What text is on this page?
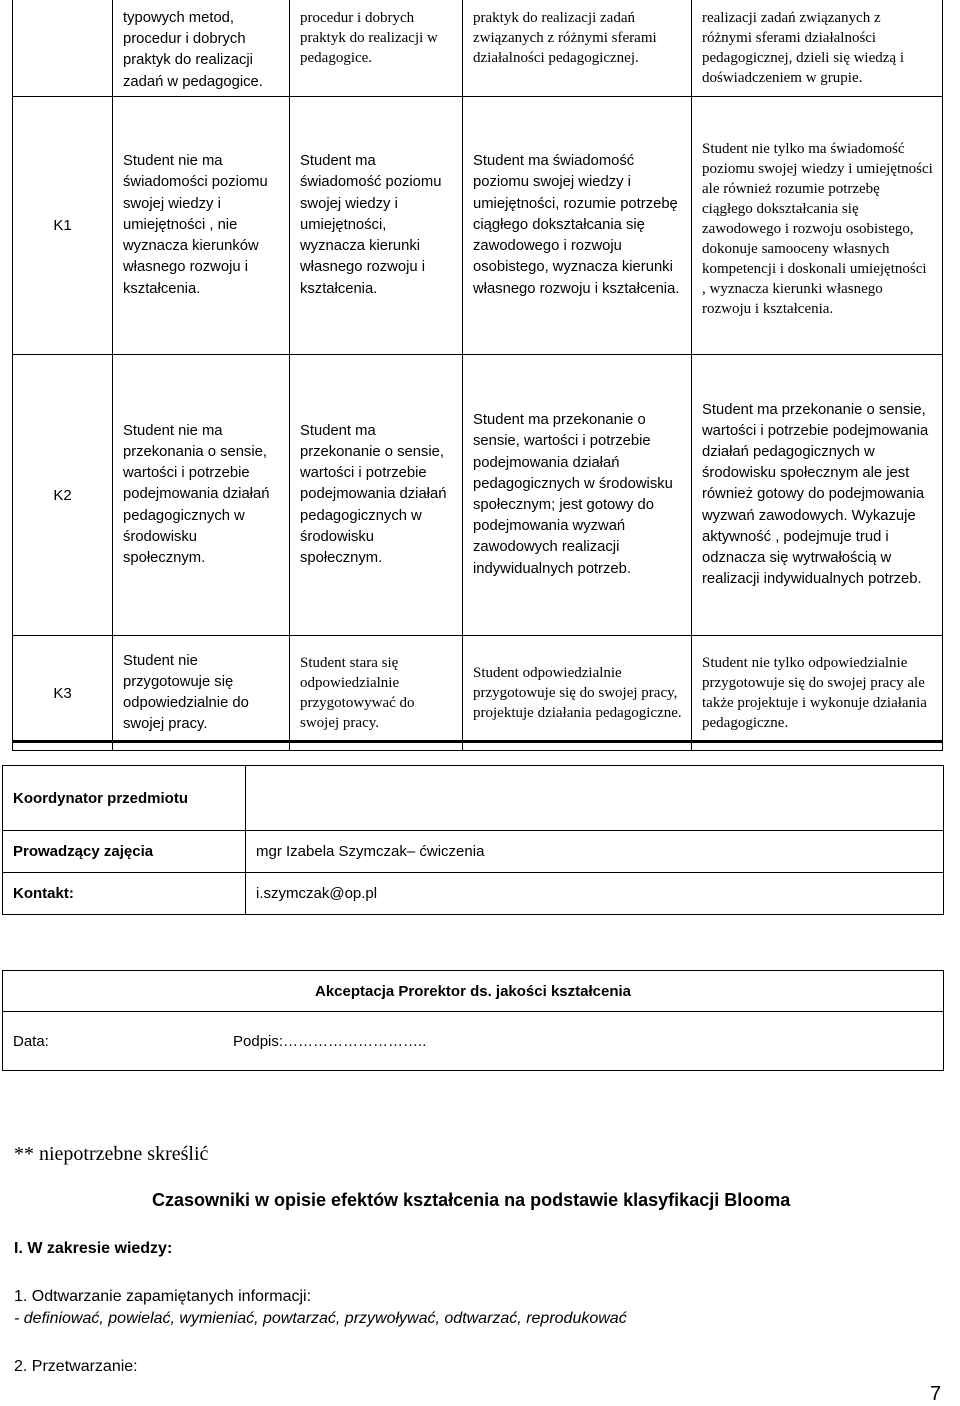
	typowych metod, procedur i dobrych praktyk do realizacji zadań w pedagogice.	procedur i dobrych praktyk do realizacji w pedagogice.	praktyk do realizacji zadań związanych z różnymi sferami działalności pedagogicznej.	realizacji zadań związanych z różnymi sferami działalności pedagogicznej, dzieli się wiedzą i doświadczeniem w grupie.
K1	Student nie ma świadomości poziomu swojej wiedzy i umiejętności , nie wyznacza kierunków własnego rozwoju i kształcenia.	Student ma świadomość poziomu swojej wiedzy i umiejętności, wyznacza kierunki własnego rozwoju i kształcenia.	Student ma świadomość poziomu swojej wiedzy i umiejętności, rozumie potrzebę ciągłego dokształcania się zawodowego i rozwoju osobistego, wyznacza kierunki własnego rozwoju i kształcenia.	Student nie tylko ma świadomość poziomu swojej wiedzy i umiejętności ale również rozumie potrzebę ciągłego dokształcania się zawodowego i rozwoju osobistego, dokonuje samooceny własnych kompetencji i doskonali umiejętności , wyznacza kierunki własnego rozwoju i kształcenia.
K2	Student nie ma przekonania o sensie, wartości i potrzebie podejmowania działań pedagogicznych w środowisku społecznym.	Student ma przekonanie o sensie, wartości i potrzebie podejmowania działań pedagogicznych w środowisku społecznym.	Student ma przekonanie o sensie, wartości i potrzebie podejmowania działań pedagogicznych w środowisku społecznym; jest gotowy do podejmowania wyzwań zawodowych realizacji indywidualnych potrzeb.	Student ma przekonanie o sensie, wartości i potrzebie podejmowania działań pedagogicznych w środowisku społecznym ale jest również gotowy do podejmowania wyzwań zawodowych. Wykazuje aktywność , podejmuje trud i odznacza się wytrwałością w realizacji indywidualnych potrzeb.
K3	Student nie przygotowuje się odpowiedzialnie do swojej pracy.	Student stara się odpowiedzialnie przygotowywać do swojej pracy.	Student odpowiedzialnie przygotowuje się do swojej pracy, projektuje działania pedagogiczne.	Student nie tylko odpowiedzialnie przygotowuje się do swojej pracy ale także projektuje i wykonuje działania pedagogiczne.
Koordynator przedmiotu	
Prowadzący zajęcia	mgr Izabela Szymczak– ćwiczenia
Kontakt:	i.szymczak@op.pl
Akceptacja Prorektor ds. jakości kształcenia

Data:	Podpis:………………………..
** niepotrzebne skreślić
Czasowniki w opisie efektów kształcenia na podstawie klasyfikacji Blooma
I. W zakresie wiedzy:
1. Odtwarzanie zapamiętanych informacji:
- definiować, powielać, wymieniać, powtarzać, przywoływać, odtwarzać, reprodukować
2. Przetwarzanie:
7
